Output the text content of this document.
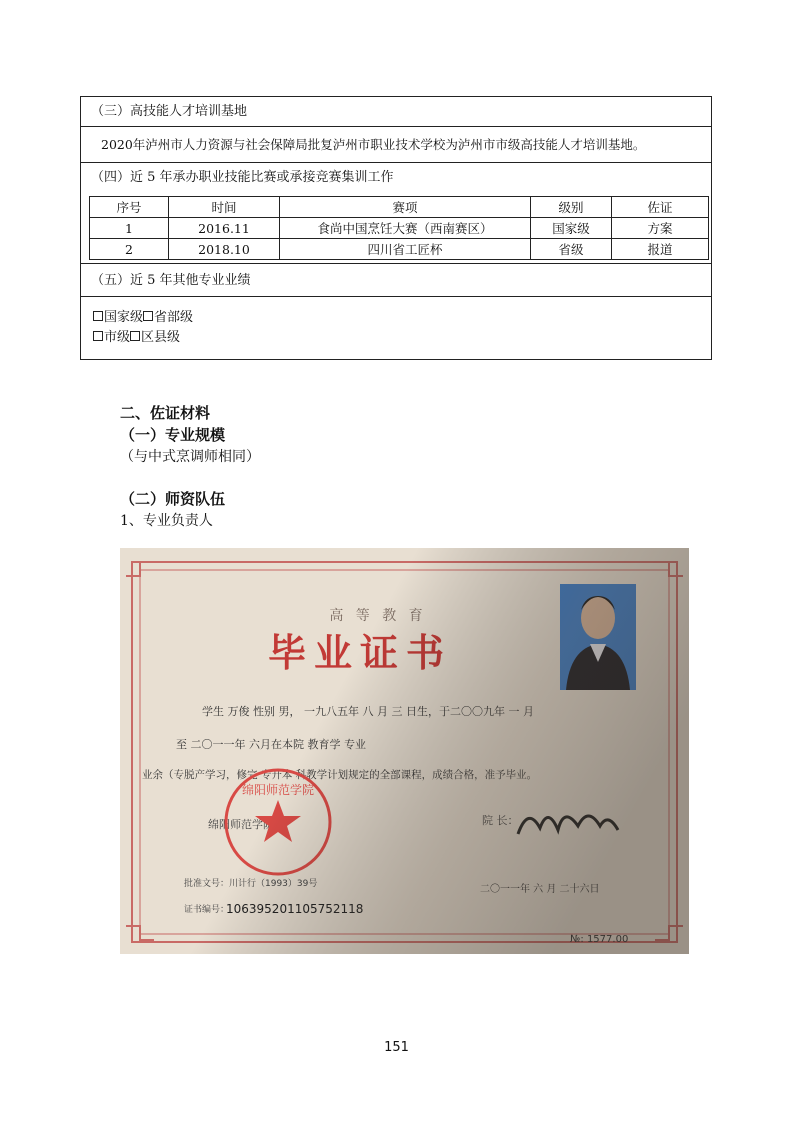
（三）高技能人才培训基地
2020年泸州市人力资源与社会保障局批复泸州市职业技术学校为泸州市市级高技能人才培训基地。
（四）近 5 年承办职业技能比赛或承接竞赛集训工作
序号	时间	赛项	级别	佐证
1	2016.11	食尚中国烹饪大赛（西南赛区）	国家级	方案
2	2018.10	四川省工匠杯	省级	报道
（五）近 5 年其他专业业绩
国家级 省部级
市级 区县级
二、佐证材料
（一）专业规模
（与中式烹调师相同）
（二）师资队伍
1、专业负责人
151
